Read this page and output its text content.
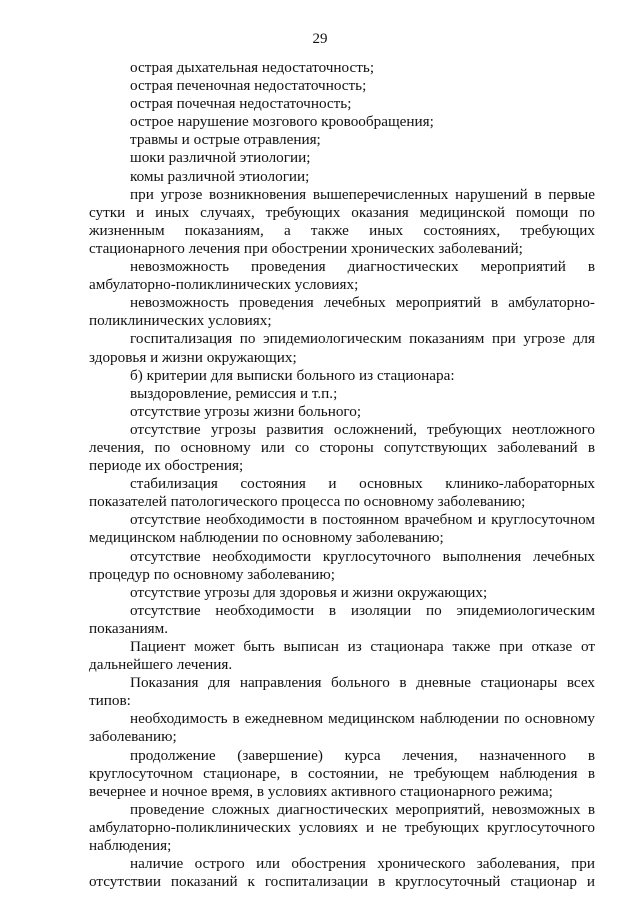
29

острая дыхательная недостаточность;

острая печеночная недостаточность;

острая почечная недостаточность;

острое нарушение мозгового кровообращения;

травмы и острые отравления;

шоки различной этиологии;

комы различной этиологии;

при угрозе возникновения вышеперечисленных нарушений в первые сутки и иных случаях, требующих оказания медицинской помощи по жизненным показаниям, а также иных состояниях, требующих стационарного лечения при обострении хронических заболеваний;

невозможность проведения диагностических мероприятий в амбулаторно-поликлинических условиях;

невозможность проведения лечебных мероприятий в амбулаторно-поликлинических условиях;

госпитализация по эпидемиологическим показаниям при угрозе для здоровья и жизни окружающих;

б) критерии для выписки больного из стационара:

выздоровление, ремиссия и т.п.;

отсутствие угрозы жизни больного;

отсутствие угрозы развития осложнений, требующих неотложного лечения, по основному или со стороны сопутствующих заболеваний в периоде их обострения;

стабилизация состояния и основных клинико-лабораторных показателей патологического процесса по основному заболеванию;

отсутствие необходимости в постоянном врачебном и круглосуточном медицинском наблюдении по основному заболеванию;

отсутствие необходимости круглосуточного выполнения лечебных процедур по основному заболеванию;

отсутствие угрозы для здоровья и жизни окружающих;

отсутствие необходимости в изоляции по эпидемиологическим показаниям.

Пациент может быть выписан из стационара также при отказе от дальнейшего лечения.

Показания для направления больного в дневные стационары всех типов:

необходимость в ежедневном медицинском наблюдении по основному заболеванию;

продолжение (завершение) курса лечения, назначенного в круглосуточном стационаре, в состоянии, не требующем наблюдения в вечернее и ночное время, в условиях активного стационарного режима;

проведение сложных диагностических мероприятий, невозможных в амбулаторно-поликлинических условиях и не требующих круглосуточного наблюдения;

наличие острого или обострения хронического заболевания, при отсутствии показаний к госпитализации в круглосуточный стационар и
